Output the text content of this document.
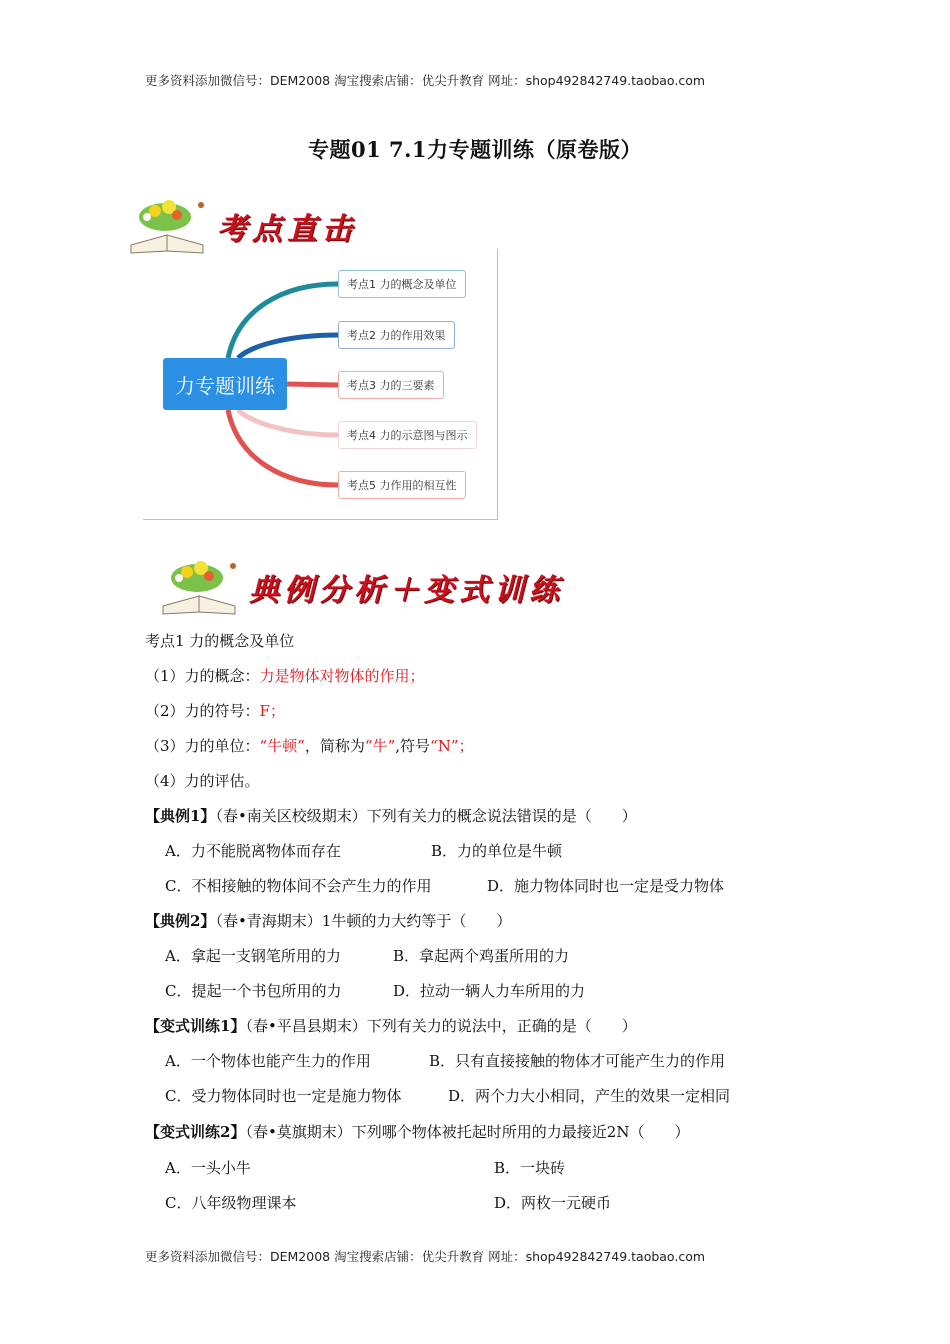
更多资料添加微信号：DEM2008 淘宝搜索店铺：优尖升教育 网址：shop492842749.taobao.com
专题01 7.1力专题训练（原卷版）
考点直击
力专题训练
考点1 力的概念及单位
考点2 力的作用效果
考点3 力的三要素
考点4 力的示意图与图示
考点5 力作用的相互性
典例分析＋变式训练
考点1 力的概念及单位
（1）力的概念：力是物体对物体的作用；
（2）力的符号：F；
（3）力的单位：“牛顿”，简称为“牛”,符号“N”；
（4）力的评估。
【典例1】（春•南关区校级期末）下列有关力的概念说法错误的是（　　）
A．力不能脱离物体而存在	B．力的单位是牛顿
C．不相接触的物体间不会产生力的作用	D．施力物体同时也一定是受力物体
【典例2】（春•青海期末）1牛顿的力大约等于（　　）
A．拿起一支钢笔所用的力	B．拿起两个鸡蛋所用的力
C．提起一个书包所用的力	D．拉动一辆人力车所用的力
【变式训练1】（春•平昌县期末）下列有关力的说法中，正确的是（　　）
A．一个物体也能产生力的作用	B．只有直接接触的物体才可能产生力的作用
C．受力物体同时也一定是施力物体	D．两个力大小相同，产生的效果一定相同
【变式训练2】（春•莫旗期末）下列哪个物体被托起时所用的力最接近2N（　　）
A．一头小牛	B．一块砖
C．八年级物理课本	D．两枚一元硬币
更多资料添加微信号：DEM2008 淘宝搜索店铺：优尖升教育 网址：shop492842749.taobao.com
